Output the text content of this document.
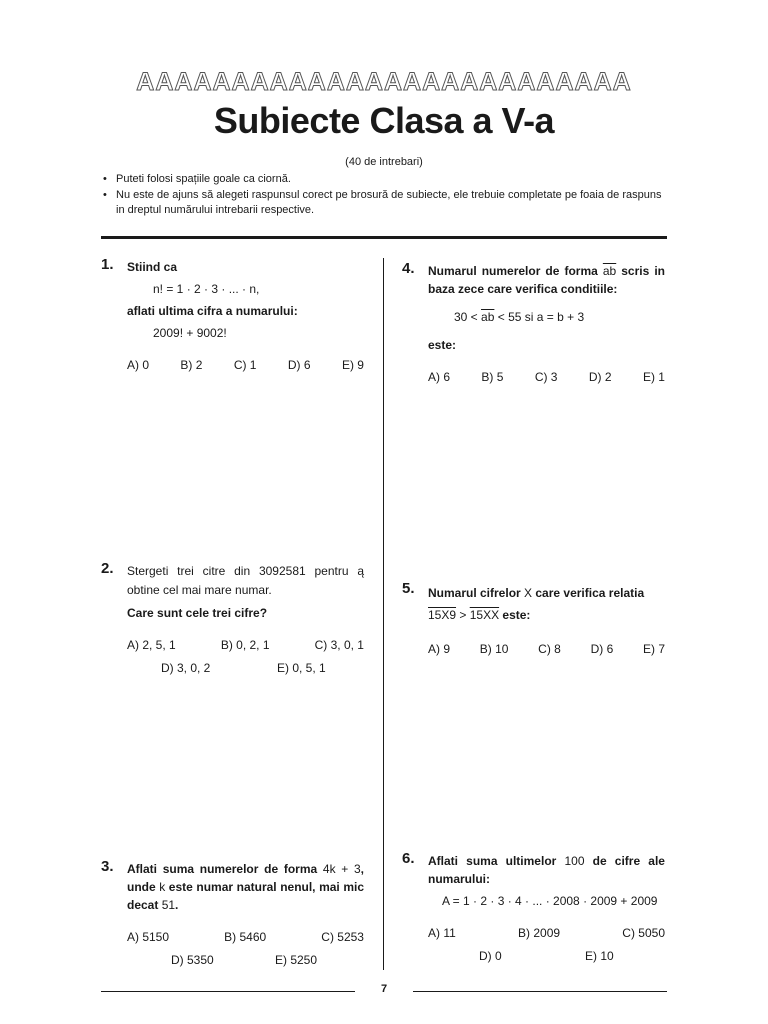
AAAAAAAAAAAAAAAAAAAAAAAAAA
Subiecte Clasa a V-a
(40 de intrebari)
• Puteti folosi spațiile goale ca ciornă.
• Nu este de ajuns să alegeti raspunsul corect pe brosură de subiecte, ele trebuie completate pe foaia de raspuns in dreptul numărului intrebarii respective.
1. Stiind ca
n! = 1 · 2 · 3 · ... · n,
aflati ultima cifra a numarului:
2009! + 9002!
A) 0	B) 2	C) 1	D) 6	E) 9
2. Stergeti trei citre din 3092581 pentru ą obtine cel mai mare numar.
Care sunt cele trei cifre?
A) 2, 5, 1	B) 0, 2, 1	C) 3, 0, 1
D) 3, 0, 2	E) 0, 5, 1
3. Aflati suma numerelor de forma 4k + 3, unde k este numar natural nenul, mai mic decat 51.
A) 5150	B) 5460	C) 5253
D) 5350	E) 5250
4. Numarul numerelor de forma $\overline{ab}$ scris in baza zece care verifica conditiile:
$30 < \overline{ab} < 55$ si a = b + 3
este:
A) 6	B) 5	C) 3	D) 2	E) 1
5. Numarul cifrelor X care verifica relatia 15X9 > 15XX este:
A) 9 B) 10 C) 8 D) 6 E) 7
6. Aflati suma ultimelor 100 de cifre ale numarului:
A = 1 · 2 · 3 · 4 · ... · 2008 · 2009 + 2009
A) 11	B) 2009	C) 5050
D) 0	E) 10
7
